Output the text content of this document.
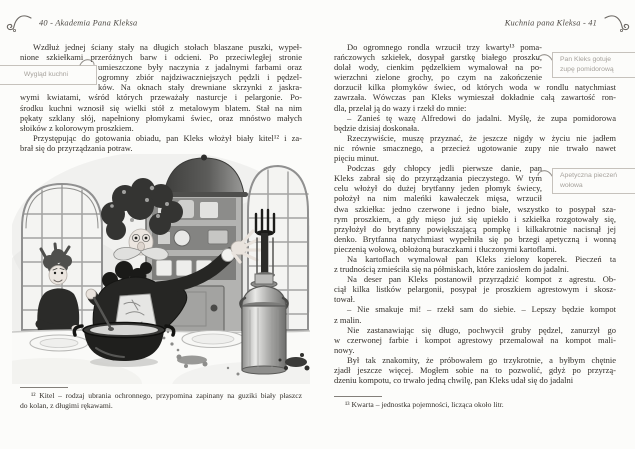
40 - Akademia Pana Kleksa	Kuchnia pana Kleksa - 41
Wzdłuż jednej ściany stały na długich stołach blaszane puszki, wypeł-
nione szkiełkami przeróżnych barw i odcieni. Po przeciwległej stronie
umieszczone były naczynia z jadalnymi farbami oraz
ogromny zbiór najdziwaczniejszych pędzli i pędzel-
ków. Na oknach stały drewniane skrzynki z jaskra-
wymi kwiatami, wśród których przeważały nasturcje i pelargonie. Po-
środku kuchni wznosił się wielki stół z metalowym blatem. Stał na nim
pękaty szklany słój, napełniony płomykami świec, oraz mnóstwo małych
słoików z kolorowym proszkiem.
Przystępując do gotowania obiadu, pan Kleks włożył biały kitel¹² i za-
brał się do przyrządzania potraw.
Wygląd kuchni
¹² Kitel – rodzaj ubrania ochronnego, przypomina zapinany na guziki biały płaszcz
do kolan, z długimi rękawami.
Do ogromnego rondla wrzucił trzy kwarty¹³ poma-
rańczowych szkiełek, dosypał garstkę białego proszku,
dolał wody, cienkim pędzelkiem wymalował na po-
wierzchni zielone grochy, po czym na zakończenie
dorzucił kilka płomyków świec, od których woda w rondlu natychmiast
zawrzała. Wówczas pan Kleks wymieszał dokładnie całą zawartość ron-
dla, przelał ją do wazy i rzekł do mnie:
– Zanieś tę wazę Alfredowi do jadalni. Myślę, że zupa pomidorowa
będzie dzisiaj doskonała.
Rzeczywiście, muszę przyznać, że jeszcze nigdy w życiu nie jadłem
nic równie smacznego, a przecież ugotowanie zupy nie trwało nawet
pięciu minut.
Podczas gdy chłopcy jedli pierwsze danie, pan
Kleks zabrał się do przyrządzania pieczystego. W tym
celu włożył do dużej brytfanny jeden płomyk świecy,
położył na nim maleńki kawałeczek mięsa, wrzucił
dwa szkiełka: jedno czerwone i jedno białe, wszystko to posypał sza-
rym proszkiem, a gdy mięso już się upiekło i szkiełka rozgotowały się,
przyłożył do brytfanny powiększającą pompkę i kilkakrotnie nacisnął jej
denko. Brytfanna natychmiast wypełniła się po brzegi apetyczną i wonną
pieczenią wołową, obłożoną buraczkami i tłuczonymi kartoflami.
Na kartoflach wymalował pan Kleks zielony koperek. Pieczeń ta
z trudnością zmieściła się na półmiskach, które zaniosłem do jadalni.
Na deser pan Kleks postanowił przyrządzić kompot z agrestu. Ob-
ciął kilka listków pelargonii, posypał je proszkiem agrestowym i skosz-
tował.
– Nie smakuje mi! – rzekł sam do siebie. – Lepszy będzie kompot
z malin.
Nie zastanawiając się długo, pochwycił gruby pędzel, zanurzył go
w czerwonej farbie i kompot agrestowy przemalował na kompot mali-
nowy.
Był tak znakomity, że próbowałem go trzykrotnie, a byłbym chętnie
zjadł jeszcze więcej. Mogłem sobie na to pozwolić, gdyż po przyrzą-
dzeniu kompotu, co trwało jedną chwilę, pan Kleks udał się do jadalni
Pan Kleks gotuje
zupę pomidorową
Apetyczna pieczeń
wołowa
¹³ Kwarta – jednostka pojemności, licząca około litr.
